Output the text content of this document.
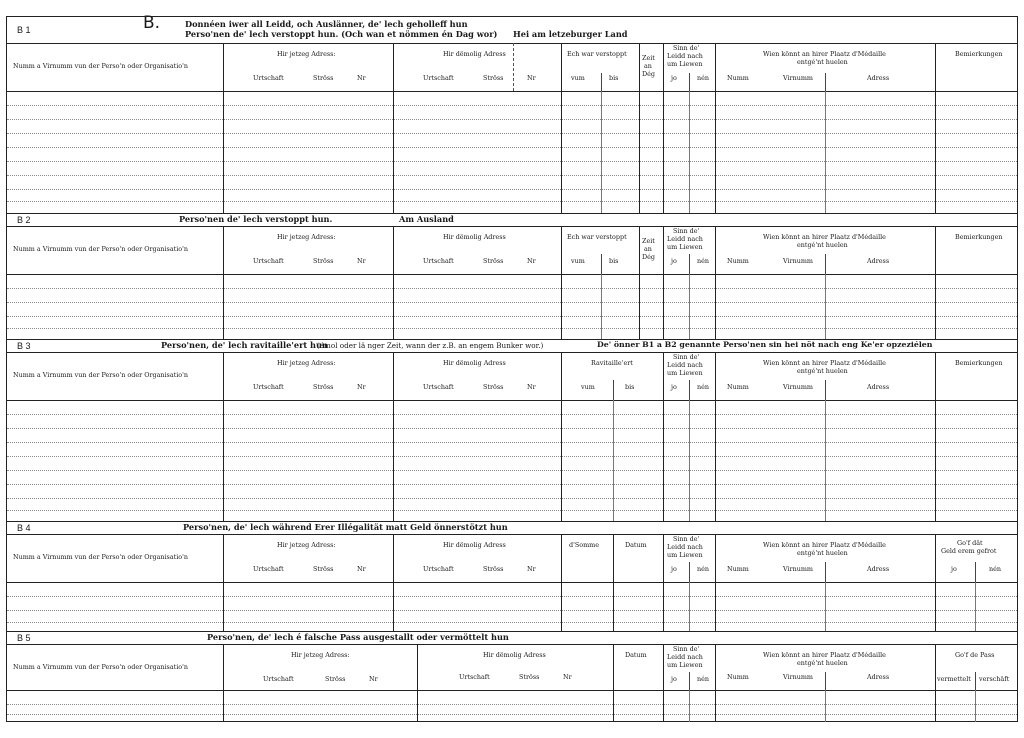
B 1	B.	Donnéen iwer all Leidd, och Auslänner, de' lech geholleff hun
Perso'nen de' lech verstoppt hun. (Och wan et nömmen én Dag wor) Hei am letzeburger Land
Numm a Virnumm vun der Perso'n oder Organisatio'n
Hir jetzeg Adress:
Urtschaft	Ströss	Nr
Hir dëmolig Adress
Urtschaft	Ströss	Nr
Ech war verstoppt
vum	bis
Zeit
an
Dég
Sinn de'
Leidd nach
um Liewen
jo	nén
Wien könnt an hirer Plaatz d'Médaille
entgé'nt huelen
Numm	Virnumm	Adress
Bemierkungen
B 2	Perso'nen de' lech verstoppt hun.	Am Ausland
Numm a Virnumm vun der Perso'n oder Organisatio'n
Hir jetzeg Adress:
Urtschaft	Ströss	Nr
Hir dëmolig Adress
Urtschaft	Ströss	Nr
Ech war verstoppt
vum	bis
Zeit
an
Dég
Sinn de'
Leidd nach
um Liewen
jo	nén
Wien könnt an hirer Plaatz d'Médaille
entgé'nt huelen
Numm	Virnumm	Adress
Bemierkungen
B 3	Perso'nen, de' lech ravitaille'ert hun
(émol oder lä nger Zeit, wann der z.B. an engem Bunker wor.)	De' önner B1 a B2 genannte Perso'nen sin hei nöt nach eng Ke'er opzeziélen
Numm a Virnumm vun der Perso'n oder Organisatio'n
Hir jetzeg Adress:
Urtschaft	Ströss	Nr
Hir dëmolig Adress
Urtschaft	Ströss	Nr
Ravitaille'ert
vum	bis
Sinn de'
Leidd nach
um Liewen
jo	nén
Wien könnt an hirer Plaatz d'Médaille
entgé'nt huelen
Numm	Virnumm	Adress
Bemierkungen
B 4	Perso'nen, de' lech während Erer Illégalität matt Geld önnerstötzt hun
Numm a Virnumm vun der Perso'n oder Organisatio'n
Hir jetzeg Adress:
Urtschaft	Ströss	Nr
Hir dëmolig Adress
Urtschaft	Ströss	Nr
d'Somme	Datum
Sinn de'
Leidd nach
um Liewen
jo	nén
Wien könnt an hirer Plaatz d'Médaille
entgé'nt huelen
Numm	Virnumm	Adress
Go'f dät
Geld erem gefrot
jo	nén
B 5	Perso'nen, de' lech é falsche Pass ausgestallt oder vermöttelt hun
Numm a Virnumm vun der Perso'n oder Organisatio'n
Hir jetzeg Adress:
Urtschaft	Ströss	Nr
Hir dëmolig Adress
Urtschaft	Ströss	Nr
Datum
Sinn de'
Leidd nach
um Liewen
jo	nén
Wien könnt an hirer Plaatz d'Médaille
entgé'nt huelen
Numm	Virnumm	Adress
Go'f de Pass
vermettelt verschäft
